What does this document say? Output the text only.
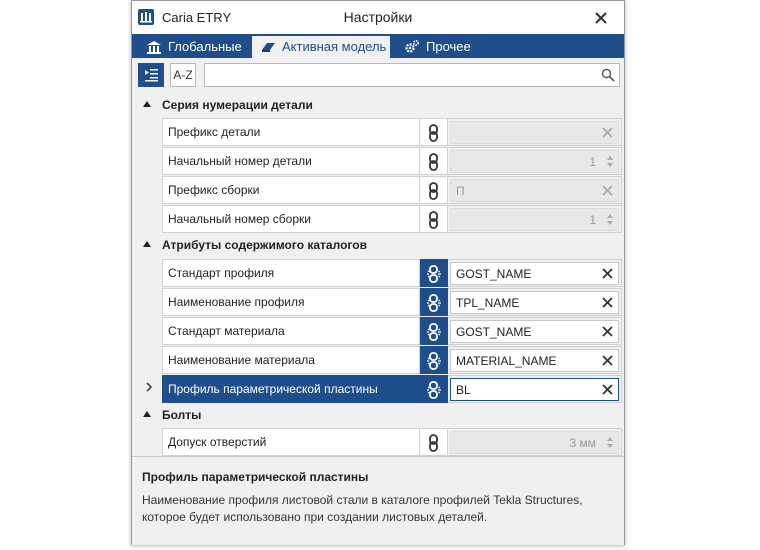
Caria ETRY	Настройки
Глобальные	Активная модель	Прочее
A-Z
Серия нумерации детали
Префикс детали
Начальный номер детали	1
Префикс сборки	П
Начальный номер сборки	1
Атрибуты содержимого каталогов
Стандарт профиля	GOST_NAME
Наименование профиля	TPL_NAME
Стандарт материала	GOST_NAME
Наименование материала	MATERIAL_NAME
Профиль параметрической пластины	BL
Болты
Допуск отверстий	3 мм
Профиль параметрической пластины
Наименование профиля листовой стали в каталоге профилей Tekla Structures, которое будет использовано при создании листовых деталей.
